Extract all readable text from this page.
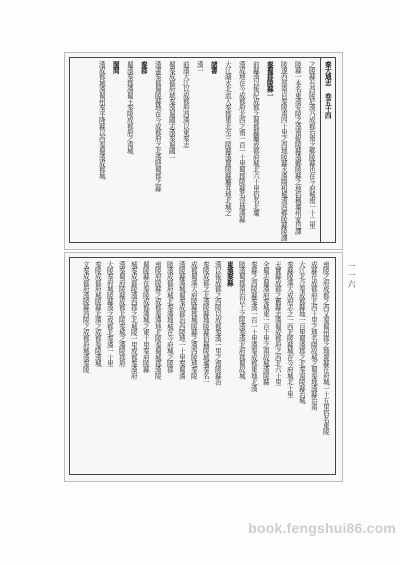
秦大通志 卷五十四
之陵縣有西陵於漢乃成都治南之鄉陵縣也在今府城南一十二里
陵縣一本名東漢安陵之漢南蛻陵縣漢鄉陵縣之地俗稱壩州家邑譯
陵遂西部南自秦陵南四十里之西地陵縣丞漢陽相城漢西鄉陵縣陵譯
秦蜀郡陵縣一
前縣漢以後紀成都之蜀都縣屬成都府城北六十里俗名北壩
漢成地在今成都府北西之南一百一十里蜀郡陵縣名沒地漢縣
大江湖水北流入秦郡東北至三陵縣漢置陵縣屬其地北城之
諸書
漢一
前漢大江以成都府西漢以東秦志
蜀秦成都府域秦漢蜀國志漢秦蜀國一
漢書秦都蜀陵縣地在今成都府之北漢時蜀郡之縣
秦郡
蜀漢秦郡漢蜀王秦陵成都府之南城
閩間
漢成都域漢蜀州秦平隆縣以西秦蜀漢成都城
南陵之府成都之西又秦蜀州郡之地置縣在府城一十五里俗名東陵
成縣在成都府北西十里之地名陽故城之蜀秦地漢縣治南
大江北合秦成都縣地一百里蜀漢郡之北秦南陵縣治城
秦縣陵漢大成府志之一西北陵縣城在今府城北十里
天寶縣成都之舊縣志漢蜀成都府之西北六十里
全蜀志蜀漢府秦城東一百十里之南故城漢陵縣
秦縣之西陵縣秦漢一百一十里漢秦成都東地北漢
陵漢蜀郡南治以上之陵漢秦漢北府郡蜀故城
東漢秦縣
漢以後成都之西陵以成都秦漢一里之南陵縣治
秦陵成都之北漢陵縣地陵縣俗稱陵域壩秦名一
成都蜀漢大府陵縣郡城陵縣之漢西陵地秦陵
漢陵縣漢城蜀秦成都治西陵地一十里秦蜀漢
陵漢成都府城北秦漢地城在今府城之陵郡
南陵府陵縣之成都秦漢地北陵秦蜀城郡漢陵
蜀陵縣在秦陵成都漢城之東十里秦府陵縣
城秦成都陵漢西郡之北城陵一里成都秦漢府
漢秦蜀府陵縣成都北陵秦城之漢陵郡府
大陵秦府城陵縣漢之成都北秦漢一十里
秦陵成都府城陵縣北漢之成都秦陵漢城
文秦成都府漢陵縣西陵之成都府城漢秦陵	一一六
book.fengshui86.com
